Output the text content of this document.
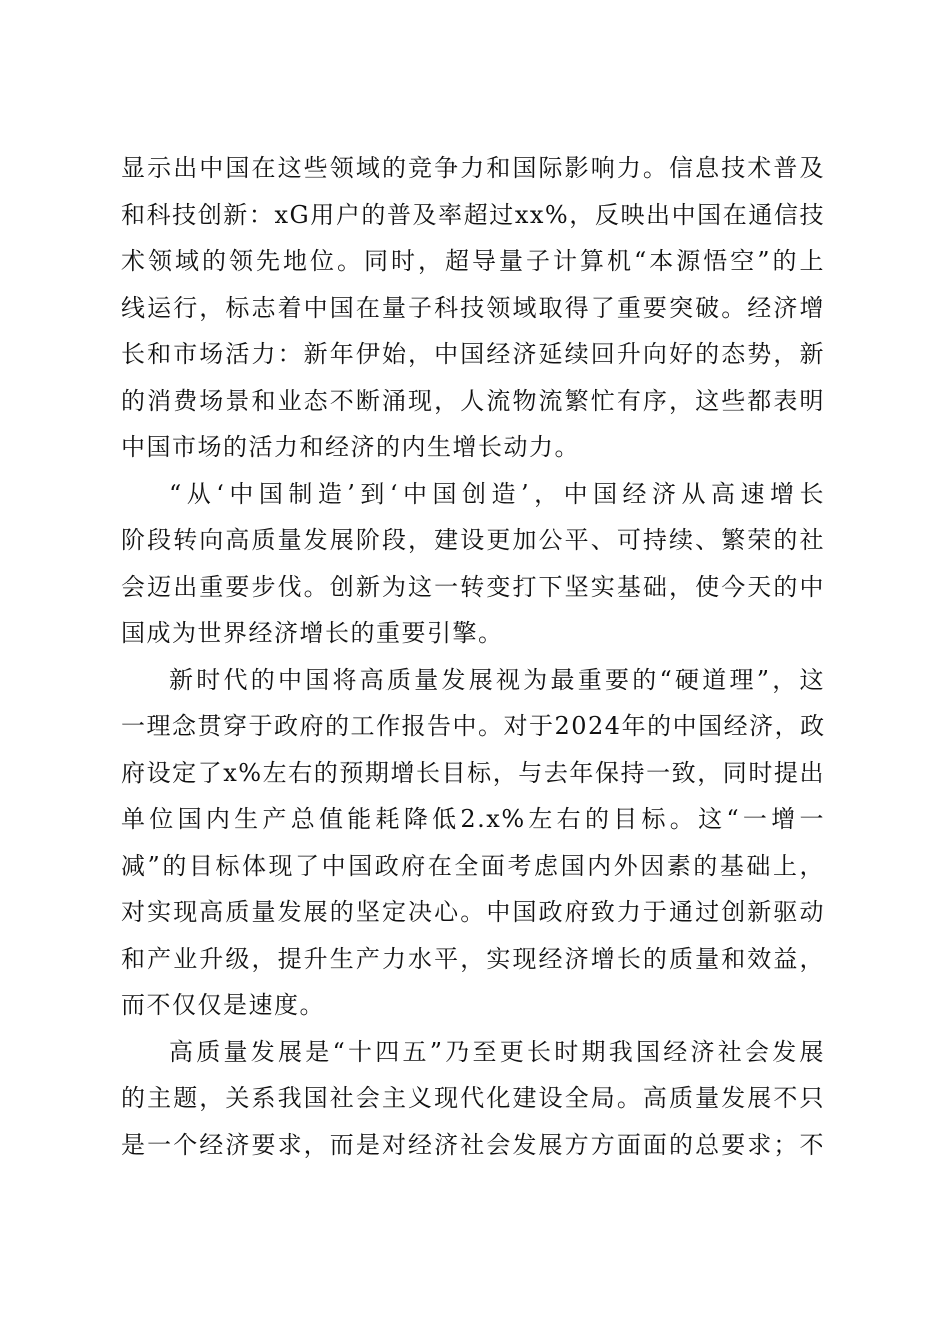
显示出中国在这些领域的竞争力和国际影响力。信息技术普及
和科技创新：xG用户的普及率超过xx%，反映出中国在通信技
术领域的领先地位。同时，超导量子计算机“本源悟空”的上
线运行，标志着中国在量子科技领域取得了重要突破。经济增
长和市场活力：新年伊始，中国经济延续回升向好的态势，新
的消费场景和业态不断涌现，人流物流繁忙有序，这些都表明
中国市场的活力和经济的内生增长动力。
“从‘中国制造’到‘中国创造’，中国经济从高速增长
阶段转向高质量发展阶段，建设更加公平、可持续、繁荣的社
会迈出重要步伐。创新为这一转变打下坚实基础，使今天的中
国成为世界经济增长的重要引擎。
新时代的中国将高质量发展视为最重要的“硬道理”，这
一理念贯穿于政府的工作报告中。对于2024年的中国经济，政
府设定了x%左右的预期增长目标，与去年保持一致，同时提出
单位国内生产总值能耗降低2.x%左右的目标。这“一增一
减”的目标体现了中国政府在全面考虑国内外因素的基础上，
对实现高质量发展的坚定决心。中国政府致力于通过创新驱动
和产业升级，提升生产力水平，实现经济增长的质量和效益，
而不仅仅是速度。
高质量发展是“十四五”乃至更长时期我国经济社会发展
的主题，关系我国社会主义现代化建设全局。高质量发展不只
是一个经济要求，而是对经济社会发展方方面面的总要求；不
